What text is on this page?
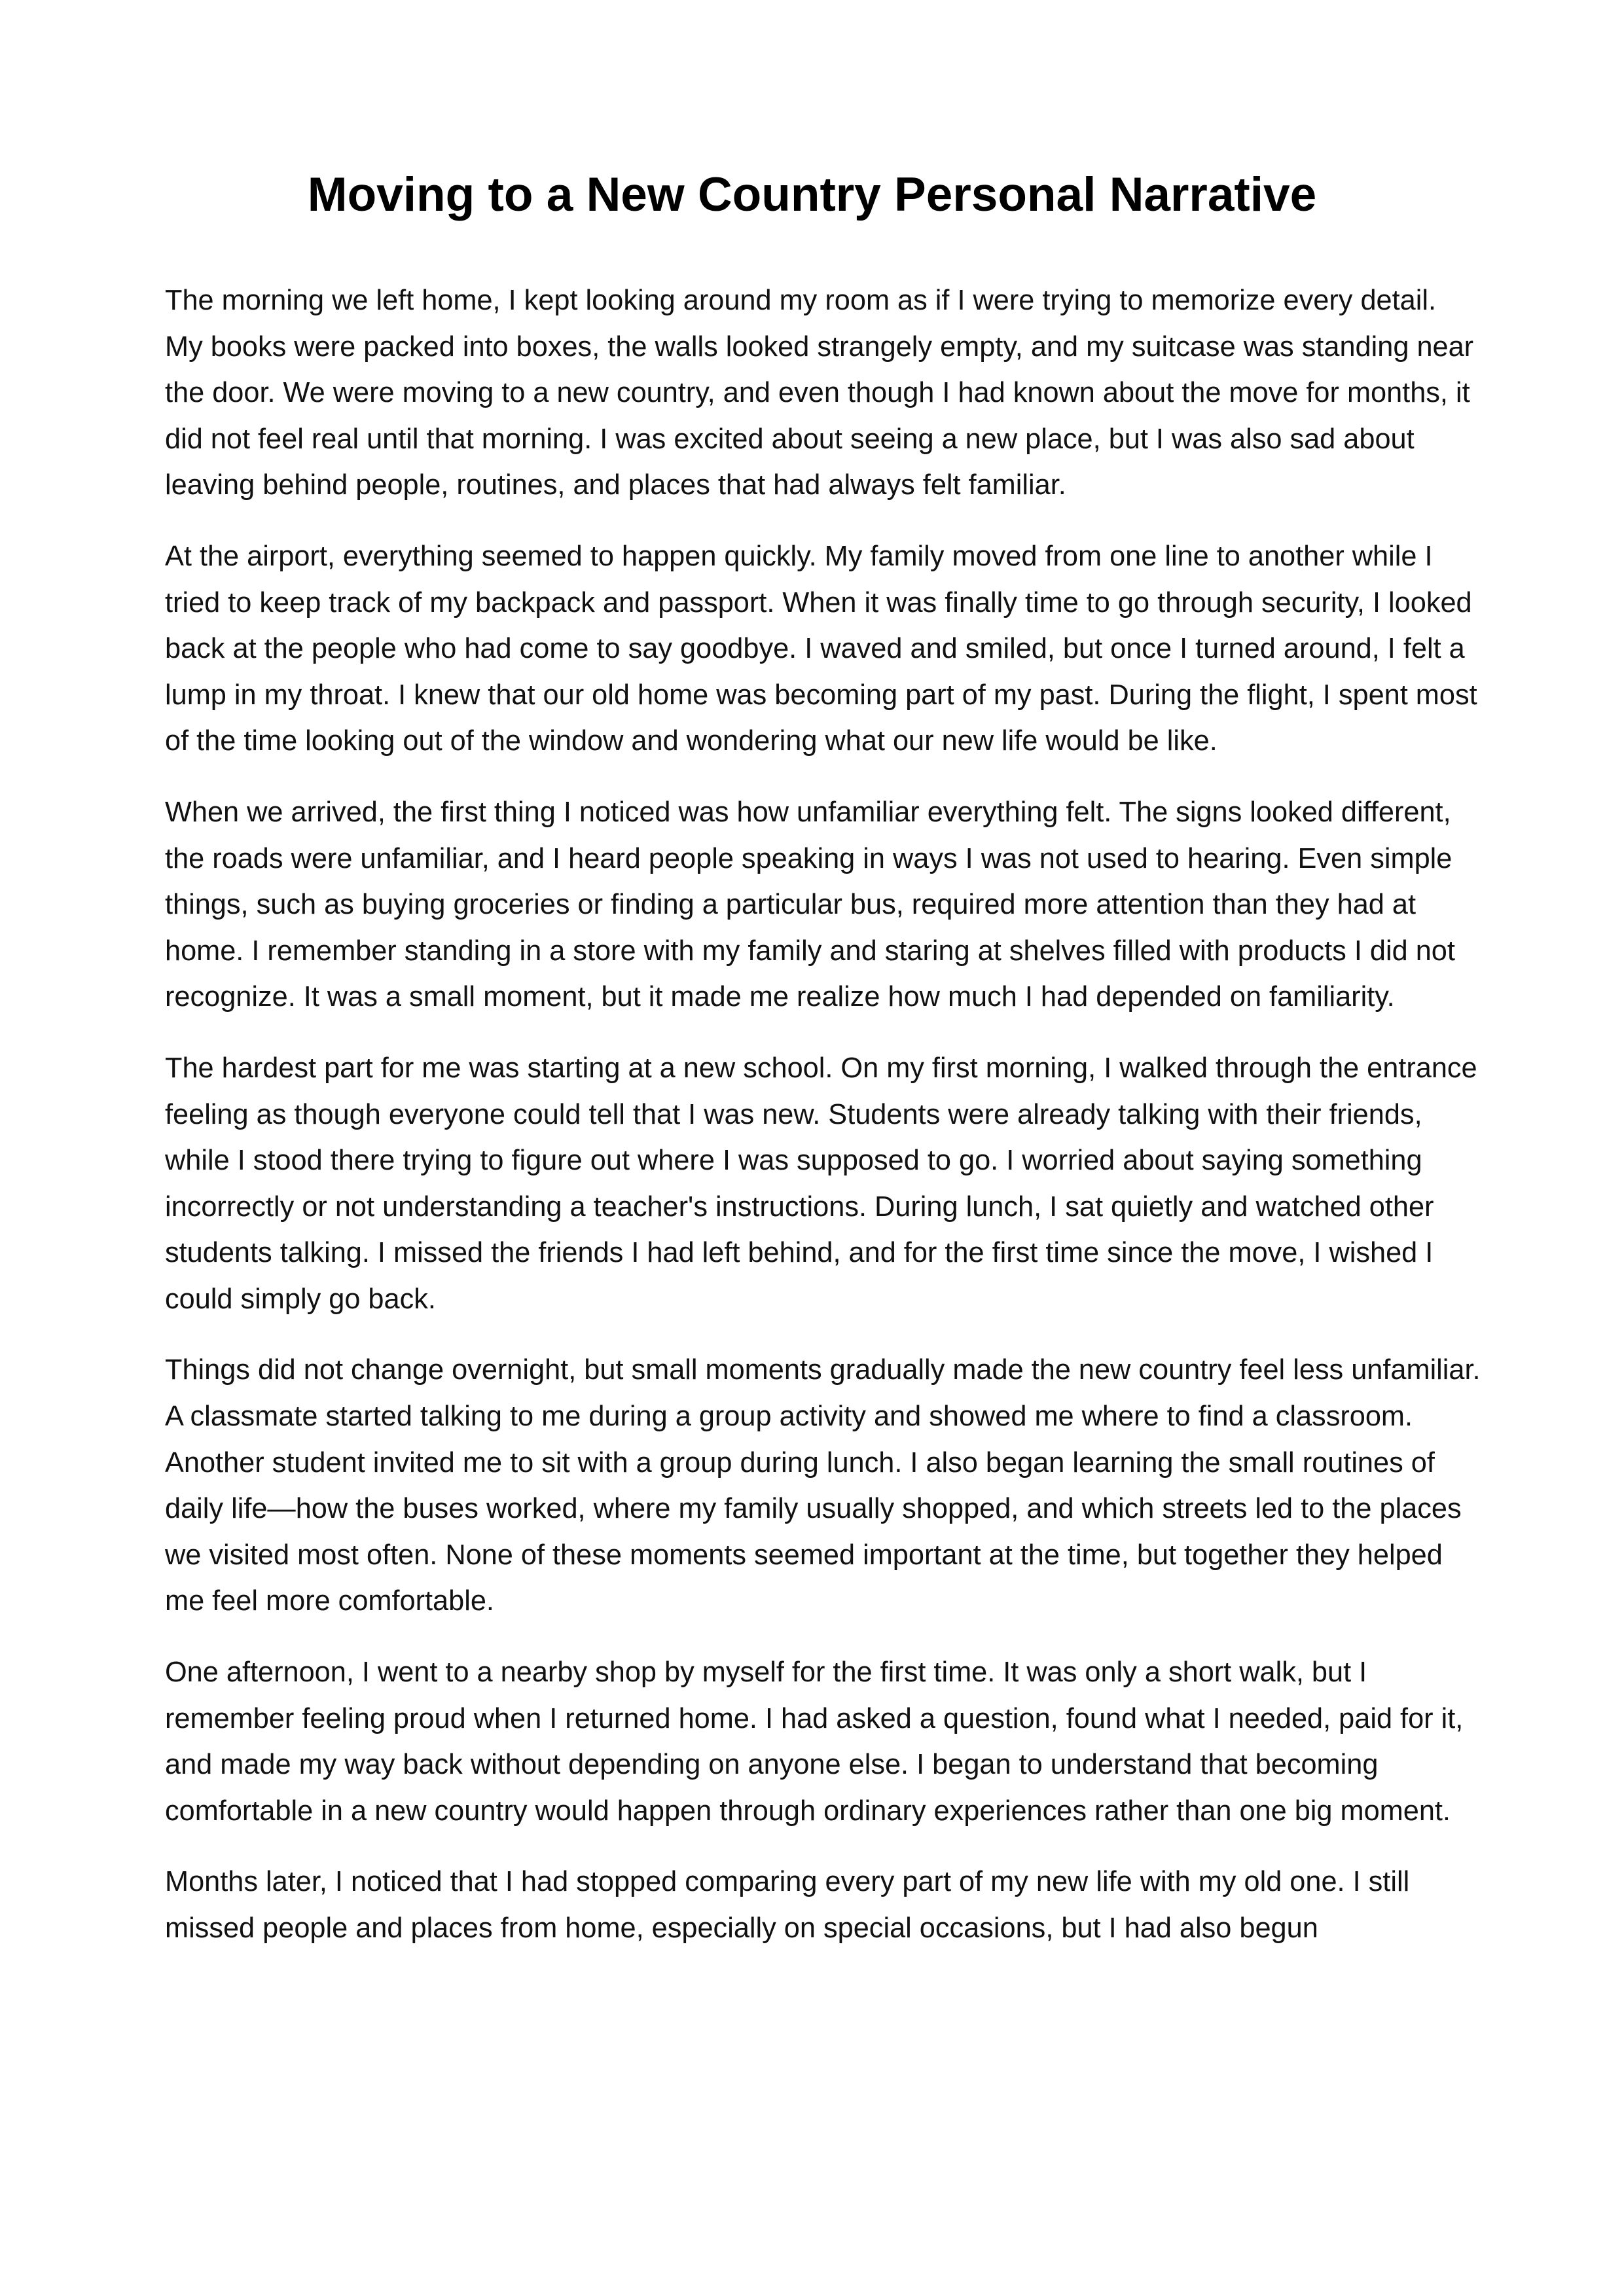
Moving to a New Country Personal Narrative

The morning we left home, I kept looking around my room as if I were trying to memorize every detail. My books were packed into boxes, the walls looked strangely empty, and my suitcase was standing near the door. We were moving to a new country, and even though I had known about the move for months, it did not feel real until that morning. I was excited about seeing a new place, but I was also sad about leaving behind people, routines, and places that had always felt familiar.

At the airport, everything seemed to happen quickly. My family moved from one line to another while I tried to keep track of my backpack and passport. When it was finally time to go through security, I looked back at the people who had come to say goodbye. I waved and smiled, but once I turned around, I felt a lump in my throat. I knew that our old home was becoming part of my past. During the flight, I spent most of the time looking out of the window and wondering what our new life would be like.

When we arrived, the first thing I noticed was how unfamiliar everything felt. The signs looked different, the roads were unfamiliar, and I heard people speaking in ways I was not used to hearing. Even simple things, such as buying groceries or finding a particular bus, required more attention than they had at home. I remember standing in a store with my family and staring at shelves filled with products I did not recognize. It was a small moment, but it made me realize how much I had depended on familiarity.

The hardest part for me was starting at a new school. On my first morning, I walked through the entrance feeling as though everyone could tell that I was new. Students were already talking with their friends, while I stood there trying to figure out where I was supposed to go. I worried about saying something incorrectly or not understanding a teacher's instructions. During lunch, I sat quietly and watched other students talking. I missed the friends I had left behind, and for the first time since the move, I wished I could simply go back.

Things did not change overnight, but small moments gradually made the new country feel less unfamiliar. A classmate started talking to me during a group activity and showed me where to find a classroom. Another student invited me to sit with a group during lunch. I also began learning the small routines of daily life—how the buses worked, where my family usually shopped, and which streets led to the places we visited most often. None of these moments seemed important at the time, but together they helped me feel more comfortable.

One afternoon, I went to a nearby shop by myself for the first time. It was only a short walk, but I remember feeling proud when I returned home. I had asked a question, found what I needed, paid for it, and made my way back without depending on anyone else. I began to understand that becoming comfortable in a new country would happen through ordinary experiences rather than one big moment.

Months later, I noticed that I had stopped comparing every part of my new life with my old one. I still missed people and places from home, especially on special occasions, but I had also begun
